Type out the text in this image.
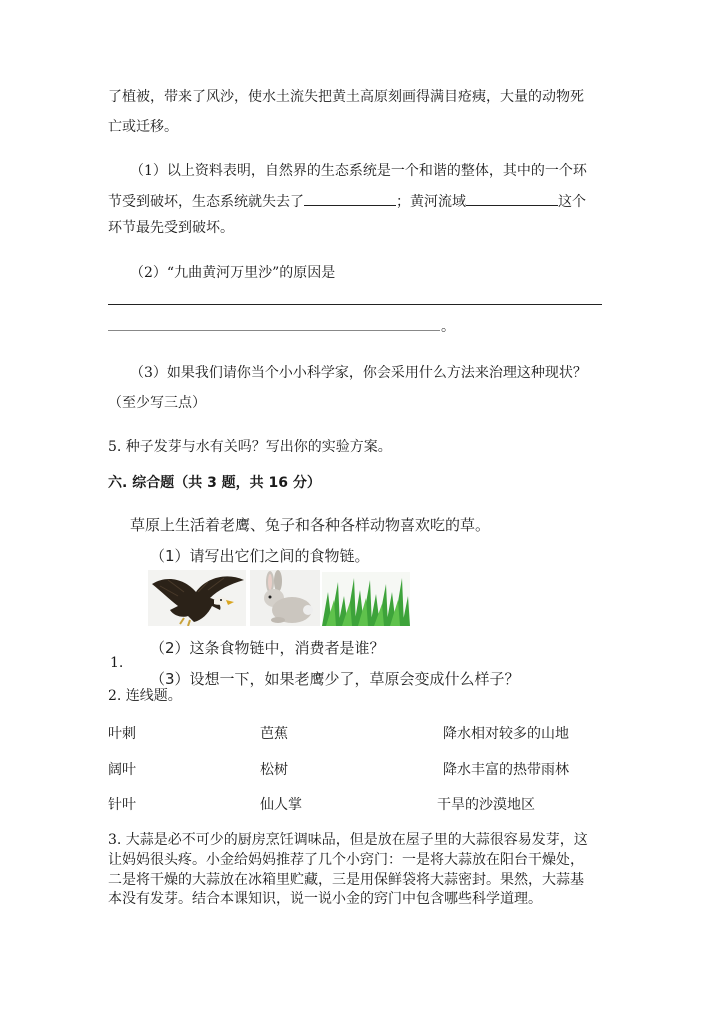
了植被，带来了风沙，使水土流失把黄土高原刻画得满目疮痍，大量的动物死
亡或迁移。
（1）以上资料表明，自然界的生态系统是一个和谐的整体，其中的一个环
节受到破坏，生态系统就失去了	；黄河流域	这个
环节最先受到破坏。
（2）“九曲黄河万里沙”的原因是
。
（3）如果我们请你当个小小科学家，你会采用什么方法来治理这种现状？
（至少写三点）
5. 种子发芽与水有关吗？写出你的实验方案。
六. 综合题（共 3 题，共 16 分）
草原上生活着老鹰、兔子和各种各样动物喜欢吃的草。
（1）请写出它们之间的食物链。
（2）这条食物链中，消费者是谁？
1.
（3）设想一下，如果老鹰少了，草原会变成什么样子？
2. 连线题。
叶刺	芭蕉	降水相对较多的山地
阔叶	松树	降水丰富的热带雨林
针叶	仙人掌	干旱的沙漠地区
3. 大蒜是必不可少的厨房烹饪调味品，但是放在屋子里的大蒜很容易发芽，这
让妈妈很头疼。小金给妈妈推荐了几个小窍门：一是将大蒜放在阳台干燥处，
二是将干燥的大蒜放在冰箱里贮藏，三是用保鲜袋将大蒜密封。果然，大蒜基
本没有发芽。结合本课知识，说一说小金的窍门中包含哪些科学道理。
